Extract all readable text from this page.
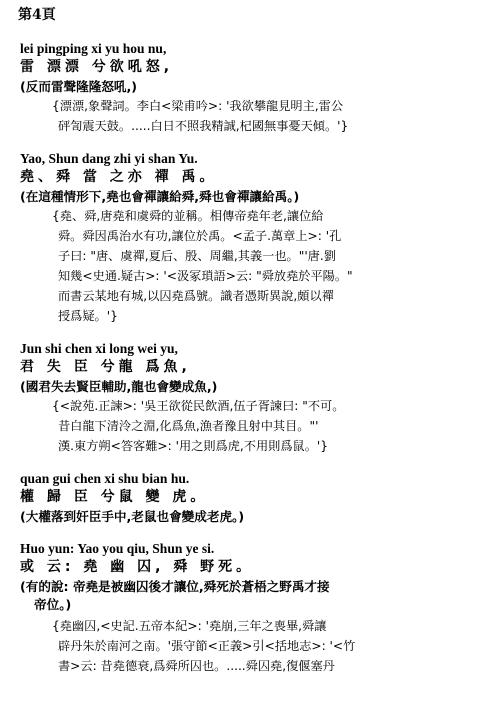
第4頁
lei pingping xi yu hou nu,
雷 漂漂 兮欲吼怒,
(反而雷聲隆隆怒吼,)
{漂漂,象聲詞。李白<梁甫吟>: '我欲攀龍見明主,雷公
砰訇震天鼓。.....白日不照我精誠,杞國無事憂天傾。'}
Yao, Shun dang zhi yi shan Yu.
堯、舜 當 之亦 禪 禹。
(在這種情形下,堯也會禪讓給舜,舜也會禪讓給禹。)
{堯、舜,唐堯和虞舜的並稱。相傳帝堯年老,讓位給
舜。舜因禹治水有功,讓位於禹。<孟子.萬章上>: '孔
子曰: "唐、虞禪,夏后、殷、周繼,其義一也。"'唐.劉
知幾<史通.疑古>: '<汲冢瑣語>云: "舜放堯於平陽。"
而書云某地有城,以囚堯爲號。識者憑斯異說,頗以禪
授爲疑。'}
Jun shi chen xi long wei yu,
君 失 臣 兮龍 爲魚,
(國君失去賢臣輔助,龍也會變成魚,)
{<說苑.正諫>: '吳王欲從民飲酒,伍子胥諫曰: "不可。
昔白龍下清泠之淵,化爲魚,漁者豫且射中其目。"'
漢.東方朔<答客難>: '用之則爲虎,不用則爲鼠。'}
quan gui chen xi shu bian hu.
權 歸 臣 兮鼠 變 虎。
(大權落到奸臣手中,老鼠也會變成老虎。)
Huo yun: Yao you qiu, Shun ye si.
或 云: 堯 幽 囚, 舜 野死。
(有的說: 帝堯是被幽囚後才讓位,舜死於蒼梧之野禹才接
帝位。)
{堯幽囚,<史記.五帝本紀>: '堯崩,三年之喪畢,舜讓
辟丹朱於南河之南。'張守節<正義>引<括地志>: '<竹
書>云: 昔堯德衰,爲舜所囚也。.....舜囚堯,復偃塞丹
